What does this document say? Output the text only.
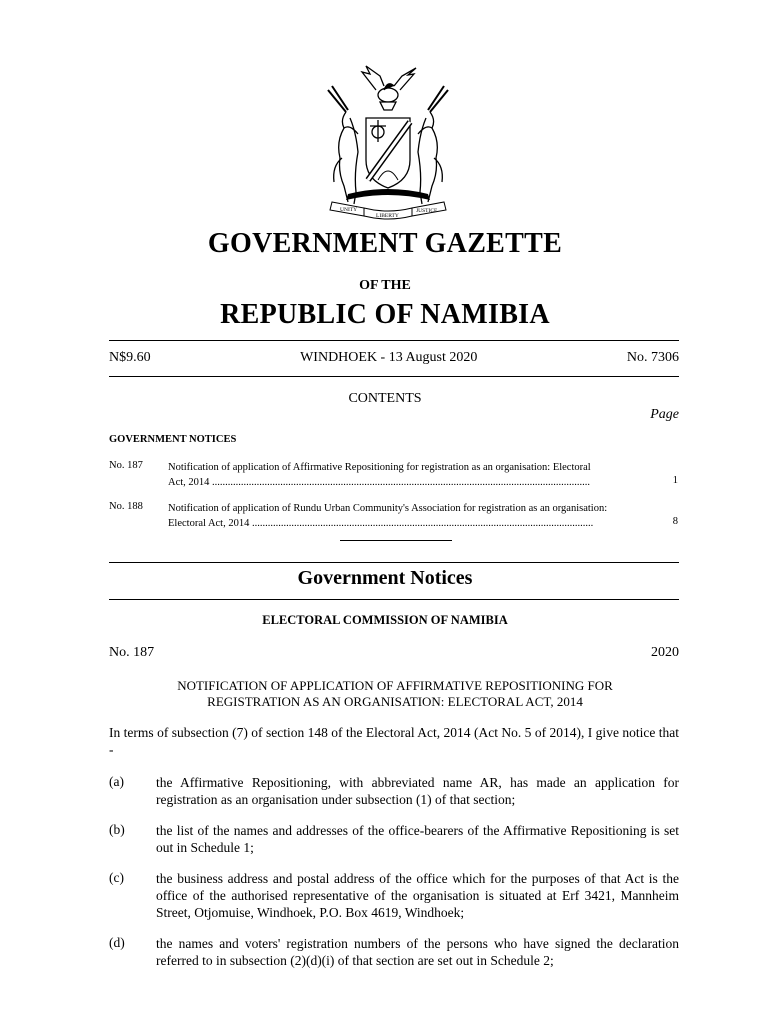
UNITY
LIBERTY
JUSTICE
GOVERNMENT GAZETTE
OF THE
REPUBLIC OF NAMIBIA
N$9.60	WINDHOEK - 13 August 2020	No. 7306
CONTENTS
Page
GOVERNMENT NOTICES
No. 187 Notification of application of Affirmative Repositioning for registration as an organisation: Electoral
Act, 2014 ................................................................................................................................................	1
No. 188 Notification of application of Rundu Urban Community's Association for registration as an organisation:
Electoral Act, 2014 ..................................................................................................................................	8
Government Notices
ELECTORAL COMMISSION OF NAMIBIA
No. 187	2020
NOTIFICATION OF APPLICATION OF AFFIRMATIVE REPOSITIONING FOR
REGISTRATION AS AN ORGANISATION: ELECTORAL ACT, 2014
In terms of subsection (7) of section 148 of the Electoral Act, 2014 (Act No. 5 of 2014), I give notice that -
(a) the Affirmative Repositioning, with abbreviated name AR, has made an application for registration as an organisation under subsection (1) of that section;
(b) the list of the names and addresses of the office-bearers of the Affirmative Repositioning is set out in Schedule 1;
(c) the business address and postal address of the office which for the purposes of that Act is the office of the authorised representative of the organisation is situated at Erf 3421, Mannheim Street, Otjomuise, Windhoek, P.O. Box 4619, Windhoek;
(d) the names and voters' registration numbers of the persons who have signed the declaration referred to in subsection (2)(d)(i) of that section are set out in Schedule 2;
